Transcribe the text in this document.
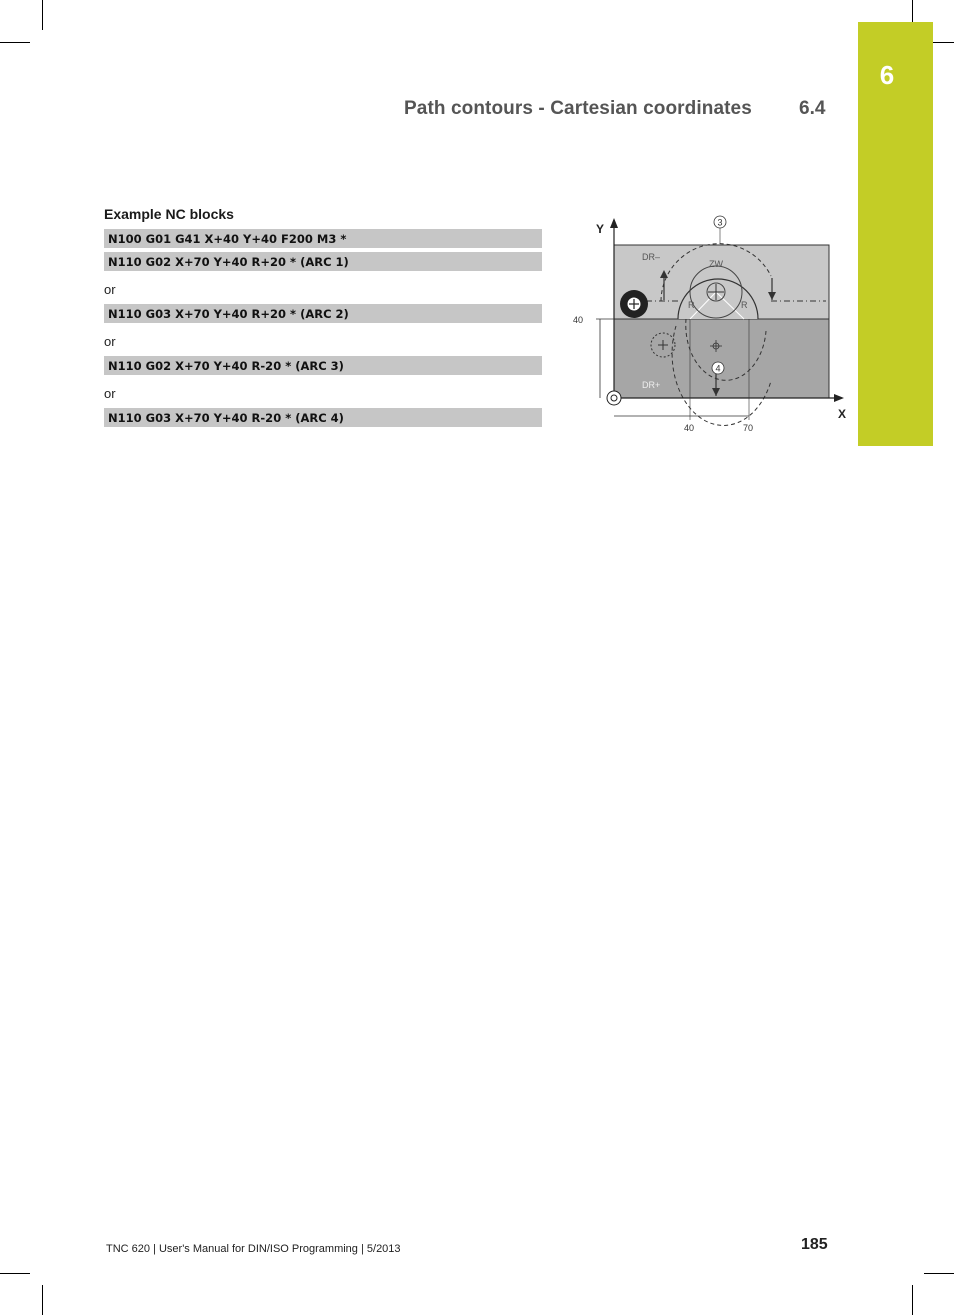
6
Path contours - Cartesian coordinates 6.4
Example NC blocks
N100 G01 G41 X+40 Y+40 F200 M3 *
N110 G02 X+70 Y+40 R+20 * (ARC 1)
or
N110 G03 X+70 Y+40 R+20 * (ARC 2)
or
N110 G02 X+70 Y+40 R-20 * (ARC 3)
or
N110 G03 X+70 Y+40 R-20 * (ARC 4)
3
4
Y
X
40
40	70
DR–
DR+
ZW
R	R
TNC 620 | User's Manual for DIN/ISO Programming | 5/2013	185
